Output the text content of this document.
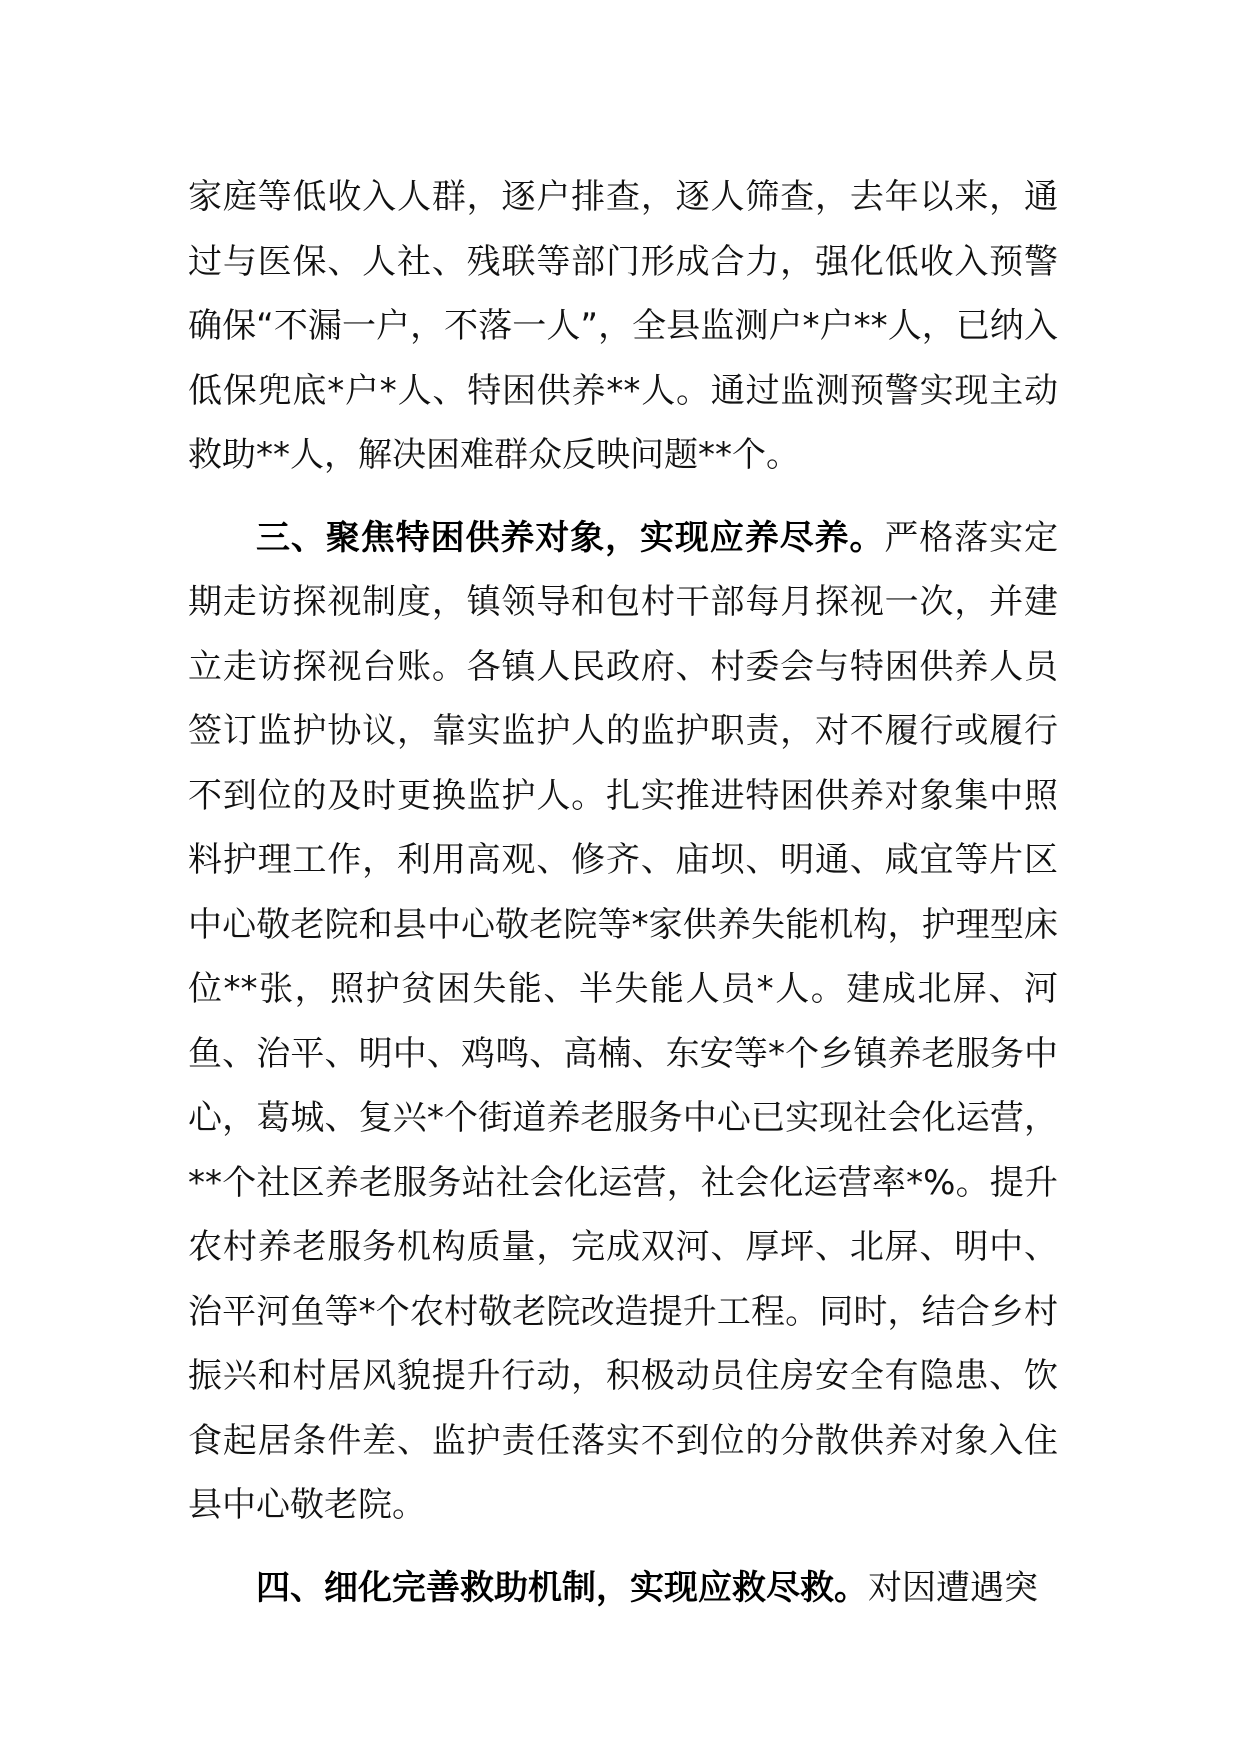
家庭等低收入人群，逐户排查，逐人筛查，去年以来，通过与医保、人社、残联等部门形成合力，强化低收入预警确保“不漏一户，不落一人”，全县监测户*户**人，已纳入低保兜底*户*人、特困供养**人。通过监测预警实现主动救助**人，解决困难群众反映问题**个。

三、聚焦特困供养对象，实现应养尽养。严格落实定期走访探视制度，镇领导和包村干部每月探视一次，并建立走访探视台账。各镇人民政府、村委会与特困供养人员签订监护协议，靠实监护人的监护职责，对不履行或履行不到位的及时更换监护人。扎实推进特困供养对象集中照料护理工作，利用高观、修齐、庙坝、明通、咸宜等片区中心敬老院和县中心敬老院等*家供养失能机构，护理型床位**张，照护贫困失能、半失能人员*人。建成北屏、河鱼、治平、明中、鸡鸣、高楠、东安等*个乡镇养老服务中心，葛城、复兴*个街道养老服务中心已实现社会化运营，**个社区养老服务站社会化运营，社会化运营率*%。提升农村养老服务机构质量，完成双河、厚坪、北屏、明中、治平河鱼等*个农村敬老院改造提升工程。同时，结合乡村振兴和村居风貌提升行动，积极动员住房安全有隐患、饮食起居条件差、监护责任落实不到位的分散供养对象入住县中心敬老院。

四、细化完善救助机制，实现应救尽救。对因遭遇突
